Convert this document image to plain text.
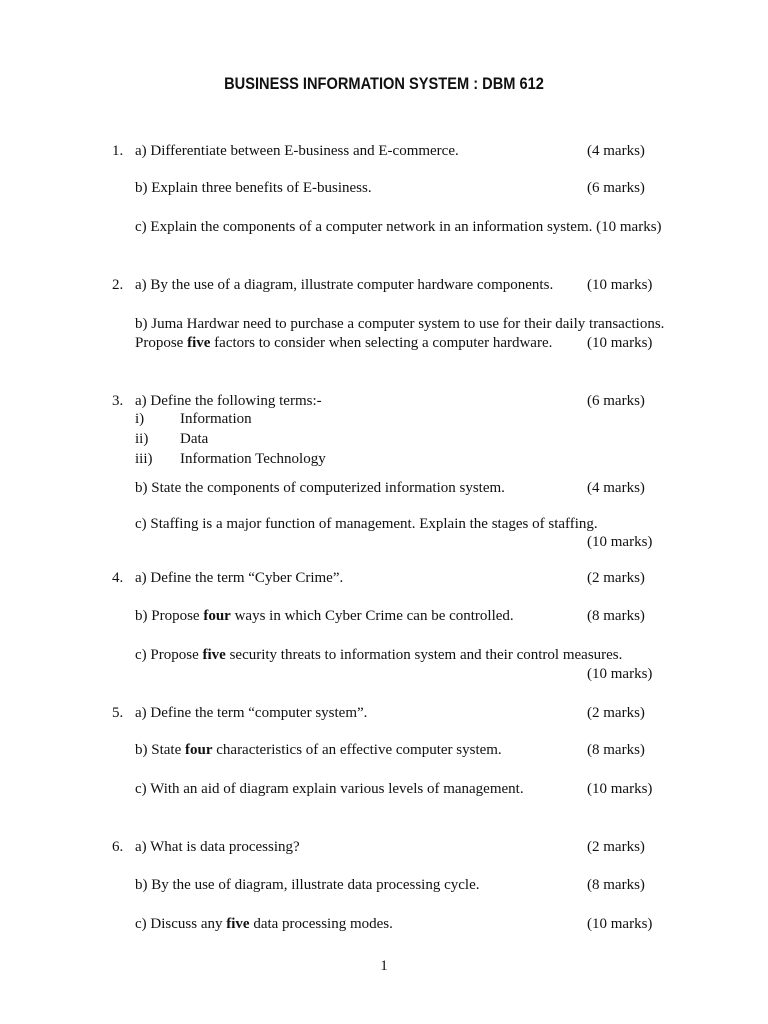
BUSINESS INFORMATION SYSTEM : DBM 612
1. a) Differentiate between E-business and E-commerce.	(4 marks)
b) Explain three benefits of E-business.	(6 marks)
c) Explain the components of a computer network in an information system. (10 marks)
2. a) By the use of a diagram, illustrate computer hardware components. (10 marks)
b) Juma Hardwar need to purchase a computer system to use for their daily transactions.
Propose five factors to consider when selecting a computer hardware. (10 marks)
3. a) Define the following terms:-	(6 marks)
i) Information
ii) Data
iii) Information Technology
b) State the components of computerized information system.	(4 marks)
c) Staffing is a major function of management. Explain the stages of staffing.
(10 marks)
4. a) Define the term “Cyber Crime”.	(2 marks)
b) Propose four ways in which Cyber Crime can be controlled.	(8 marks)
c) Propose five security threats to information system and their control measures.
(10 marks)
5. a) Define the term “computer system”.	(2 marks)
b) State four characteristics of an effective computer system.	(8 marks)
c) With an aid of diagram explain various levels of management.	(10 marks)
6. a) What is data processing?	(2 marks)
b) By the use of diagram, illustrate data processing cycle.	(8 marks)
c) Discuss any five data processing modes.	(10 marks)
1
